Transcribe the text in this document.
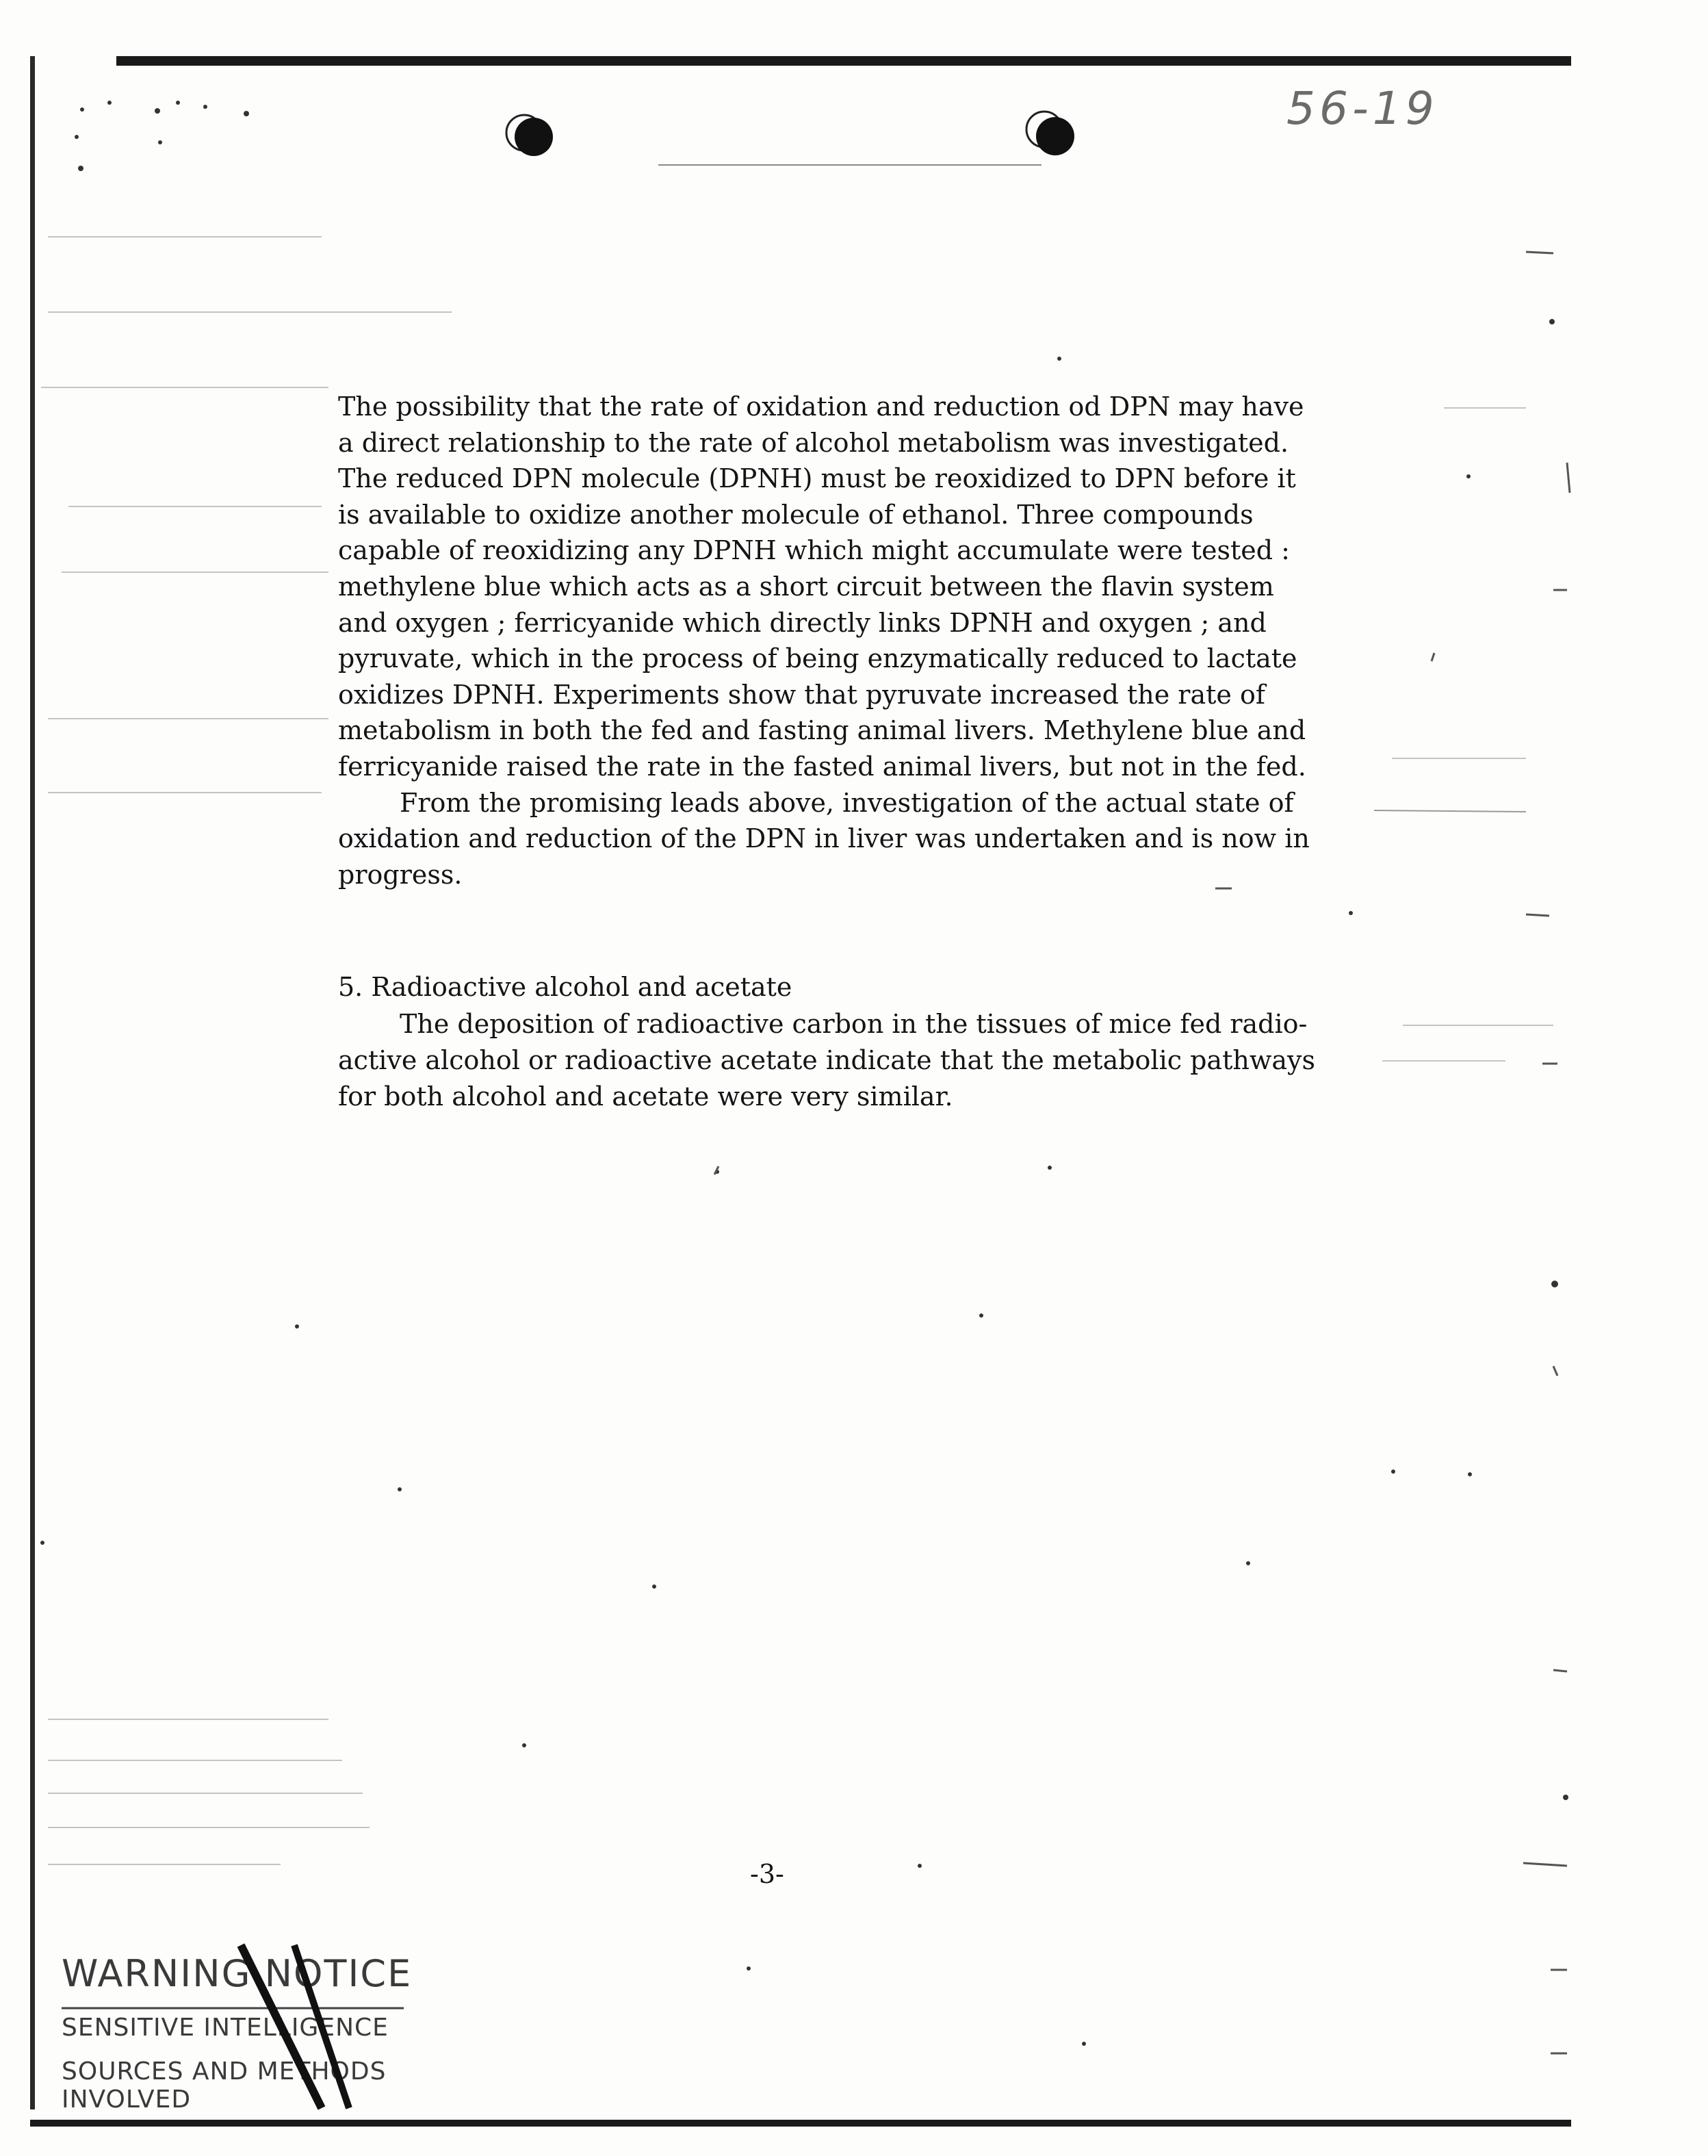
56-19

The possibility that the rate of oxidation and reduction od DPN may have
a direct relationship to the rate of alcohol metabolism was investigated.
The reduced DPN molecule (DPNH) must be reoxidized to DPN before it
is available to oxidize another molecule of ethanol. Three compounds
capable of reoxidizing any DPNH which might accumulate were tested :
methylene blue which acts as a short circuit between the flavin system
and oxygen ; ferricyanide which directly links DPNH and oxygen ; and
pyruvate, which in the process of being enzymatically reduced to lactate
oxidizes DPNH. Experiments show that pyruvate increased the rate of
metabolism in both the fed and fasting animal livers. Methylene blue and
ferricyanide raised the rate in the fasted animal livers, but not in the fed.

From the promising leads above, investigation of the actual state of
oxidation and reduction of the DPN in liver was undertaken and is now in
progress.

5. Radioactive alcohol and acetate
The deposition of radioactive carbon in the tissues of mice fed radio-
active alcohol or radioactive acetate indicate that the metabolic pathways
for both alcohol and acetate were very similar.
-3-
WARNING NOTICE
SENSITIVE INTELLIGENCE
SOURCES AND METHODS INVOLVED
